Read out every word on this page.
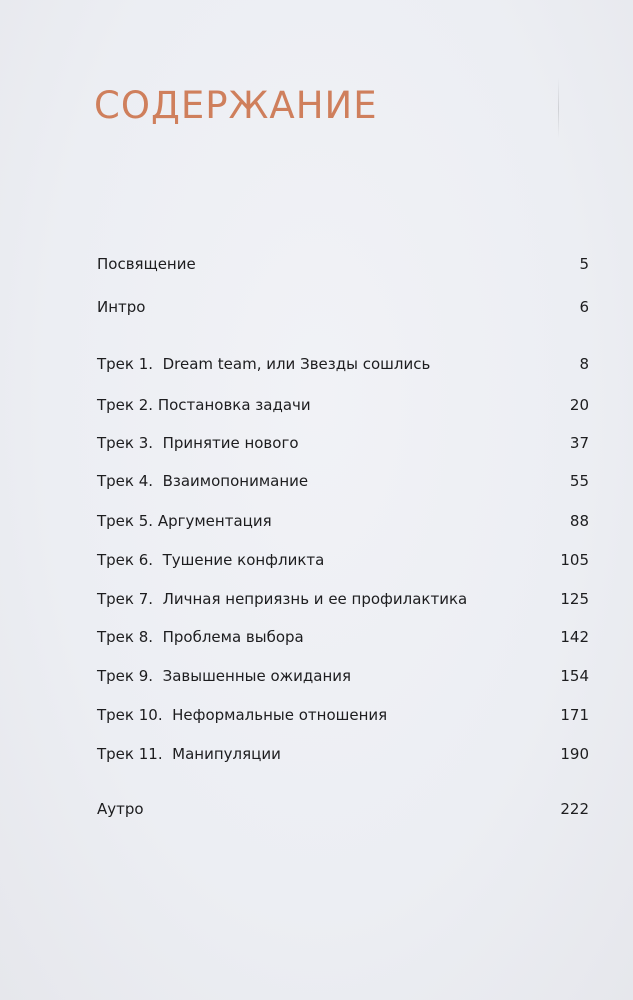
СОДЕРЖАНИЕ
Посвящение	5
Интро	6
Трек 1.  Dream team, или Звезды сошлись	8
Трек 2. Постановка задачи	20
Трек 3.  Принятие нового	37
Трек 4.  Взаимопонимание	55
Трек 5. Аргументация	88
Трек 6.  Тушение конфликта	105
Трек 7.  Личная неприязнь и ее профилактика	125
Трек 8.  Проблема выбора	142
Трек 9.  Завышенные ожидания	154
Трек 10.  Неформальные отношения	171
Трек 11.  Манипуляции	190
Аутро	222
